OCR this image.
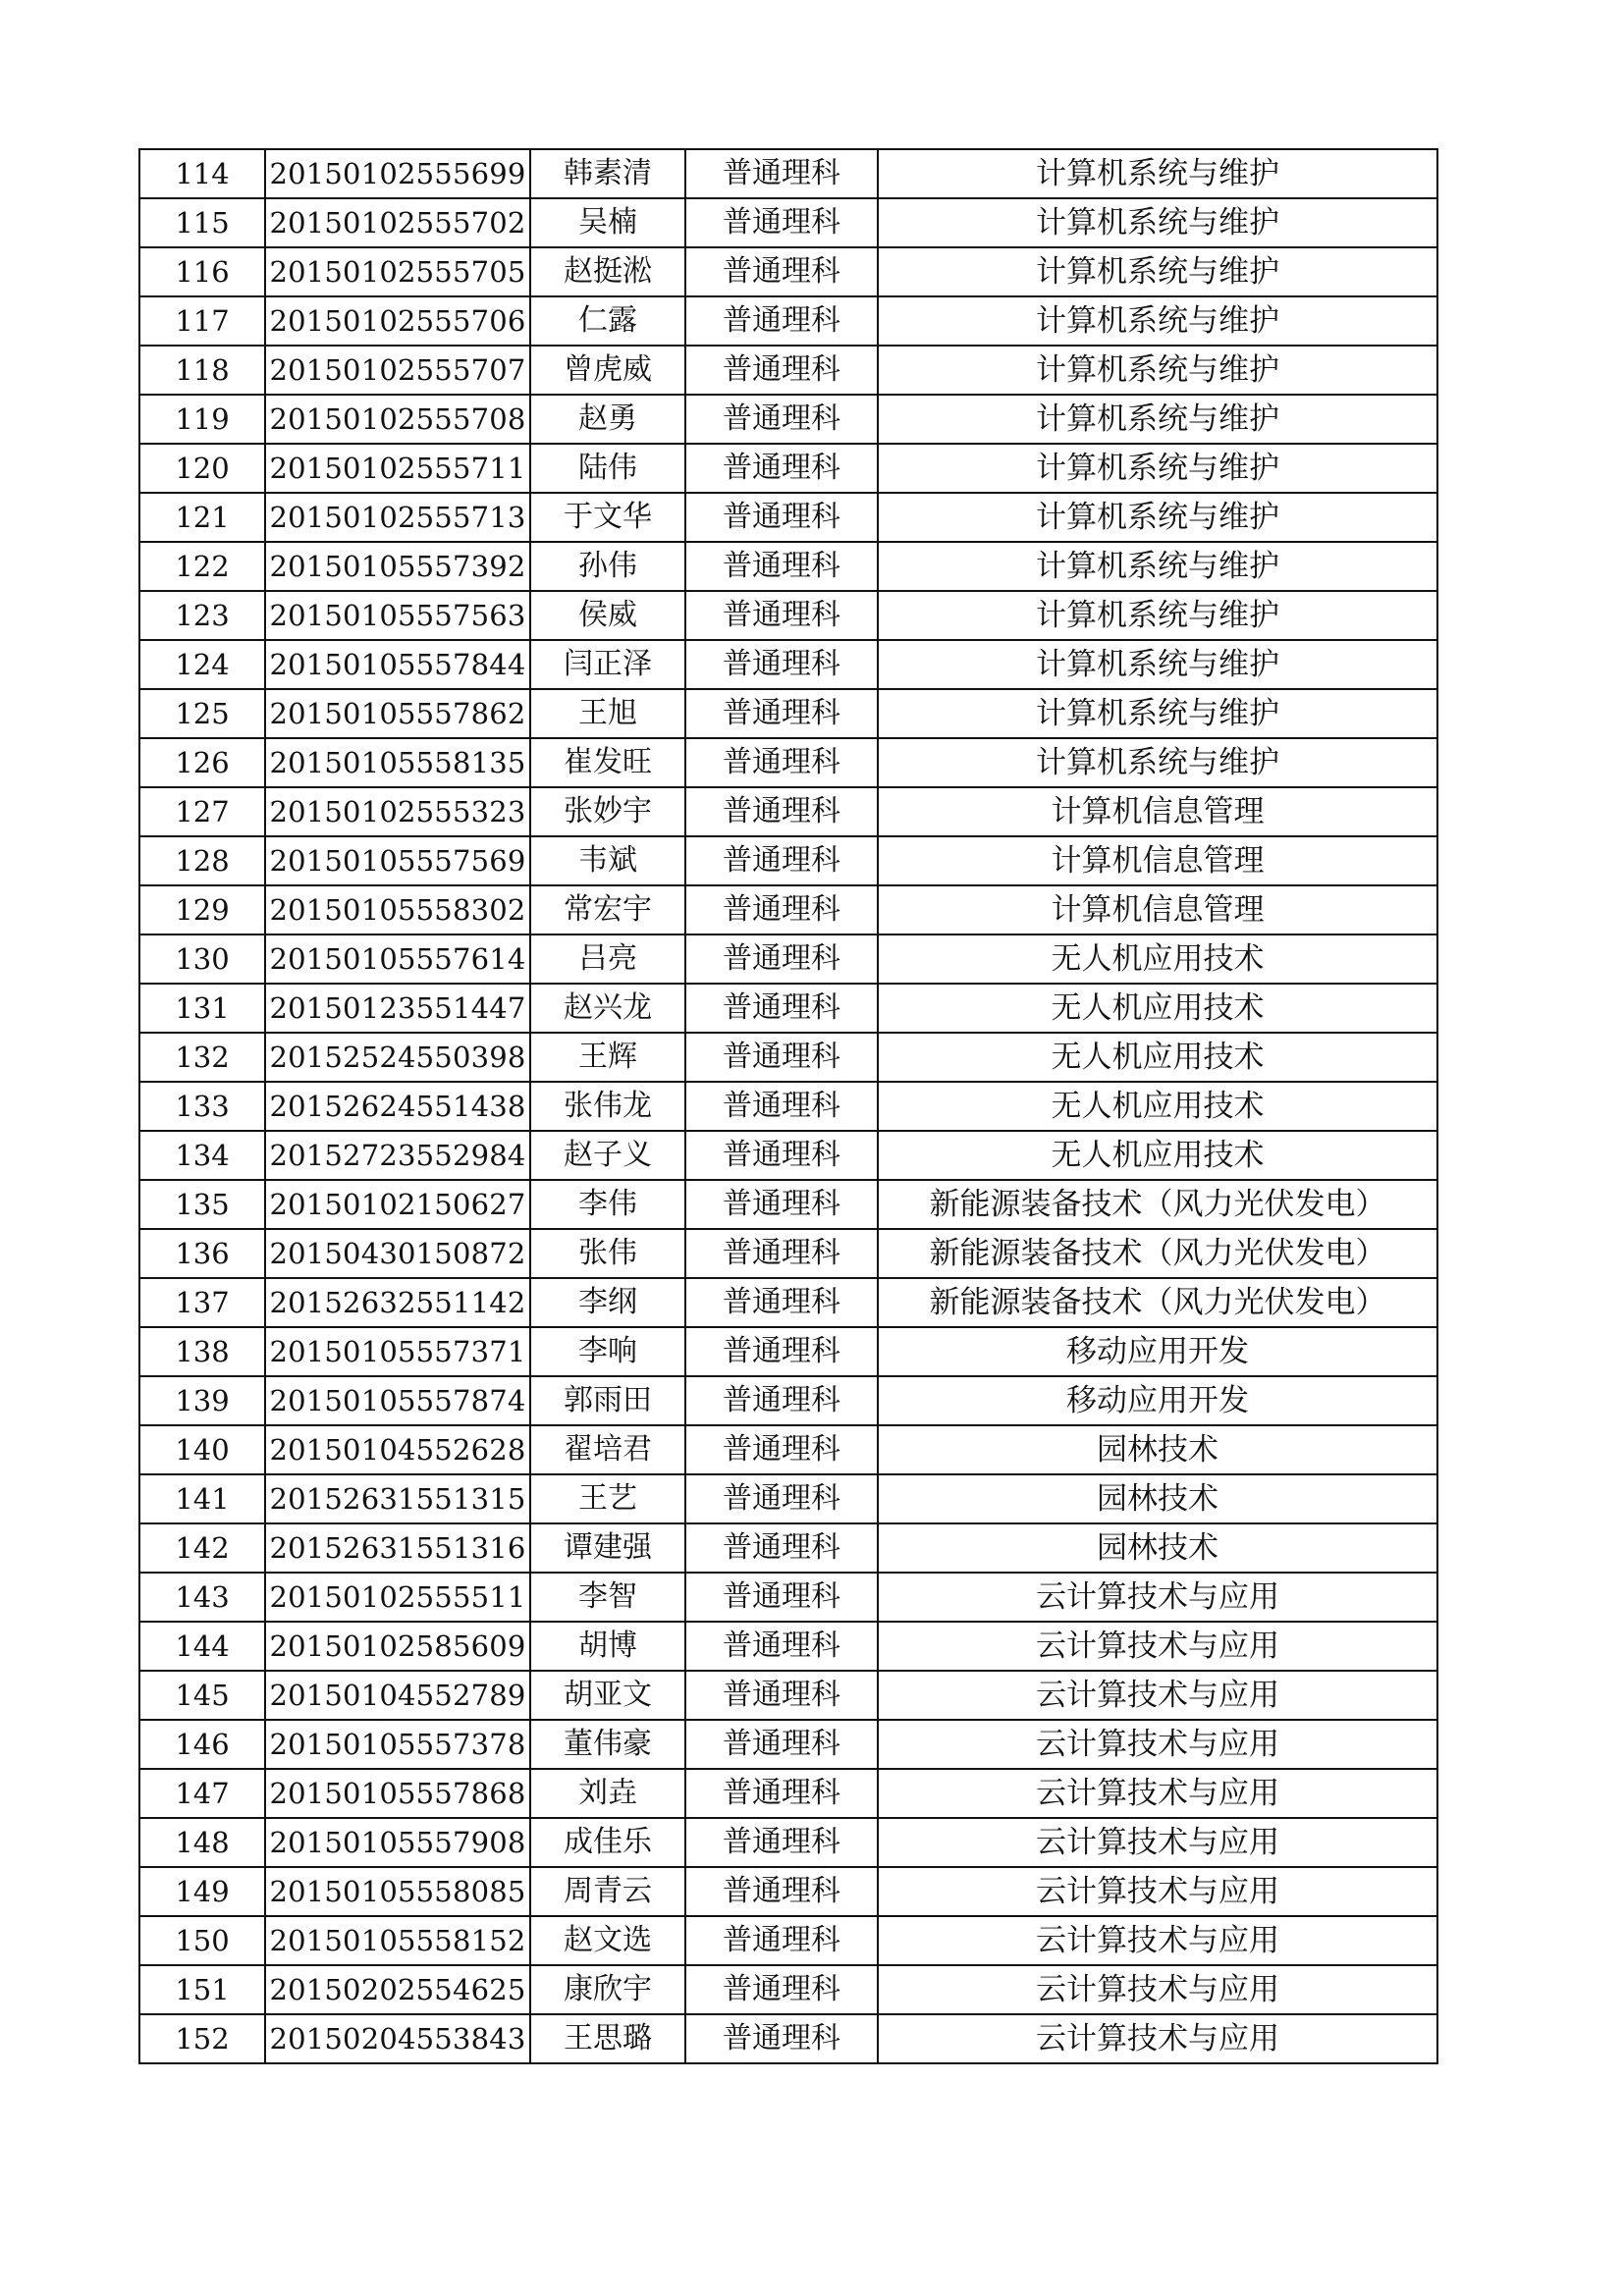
114	20150102555699	韩素清	普通理科	计算机系统与维护
115	20150102555702	吴楠	普通理科	计算机系统与维护
116	20150102555705	赵挺淞	普通理科	计算机系统与维护
117	20150102555706	仁露	普通理科	计算机系统与维护
118	20150102555707	曾虎威	普通理科	计算机系统与维护
119	20150102555708	赵勇	普通理科	计算机系统与维护
120	20150102555711	陆伟	普通理科	计算机系统与维护
121	20150102555713	于文华	普通理科	计算机系统与维护
122	20150105557392	孙伟	普通理科	计算机系统与维护
123	20150105557563	侯威	普通理科	计算机系统与维护
124	20150105557844	闫正泽	普通理科	计算机系统与维护
125	20150105557862	王旭	普通理科	计算机系统与维护
126	20150105558135	崔发旺	普通理科	计算机系统与维护
127	20150102555323	张妙宇	普通理科	计算机信息管理
128	20150105557569	韦斌	普通理科	计算机信息管理
129	20150105558302	常宏宇	普通理科	计算机信息管理
130	20150105557614	吕亮	普通理科	无人机应用技术
131	20150123551447	赵兴龙	普通理科	无人机应用技术
132	20152524550398	王辉	普通理科	无人机应用技术
133	20152624551438	张伟龙	普通理科	无人机应用技术
134	20152723552984	赵子义	普通理科	无人机应用技术
135	20150102150627	李伟	普通理科	新能源装备技术（风力光伏发电）
136	20150430150872	张伟	普通理科	新能源装备技术（风力光伏发电）
137	20152632551142	李纲	普通理科	新能源装备技术（风力光伏发电）
138	20150105557371	李响	普通理科	移动应用开发
139	20150105557874	郭雨田	普通理科	移动应用开发
140	20150104552628	翟培君	普通理科	园林技术
141	20152631551315	王艺	普通理科	园林技术
142	20152631551316	谭建强	普通理科	园林技术
143	20150102555511	李智	普通理科	云计算技术与应用
144	20150102585609	胡博	普通理科	云计算技术与应用
145	20150104552789	胡亚文	普通理科	云计算技术与应用
146	20150105557378	董伟豪	普通理科	云计算技术与应用
147	20150105557868	刘垚	普通理科	云计算技术与应用
148	20150105557908	成佳乐	普通理科	云计算技术与应用
149	20150105558085	周青云	普通理科	云计算技术与应用
150	20150105558152	赵文选	普通理科	云计算技术与应用
151	20150202554625	康欣宇	普通理科	云计算技术与应用
152	20150204553843	王思璐	普通理科	云计算技术与应用
